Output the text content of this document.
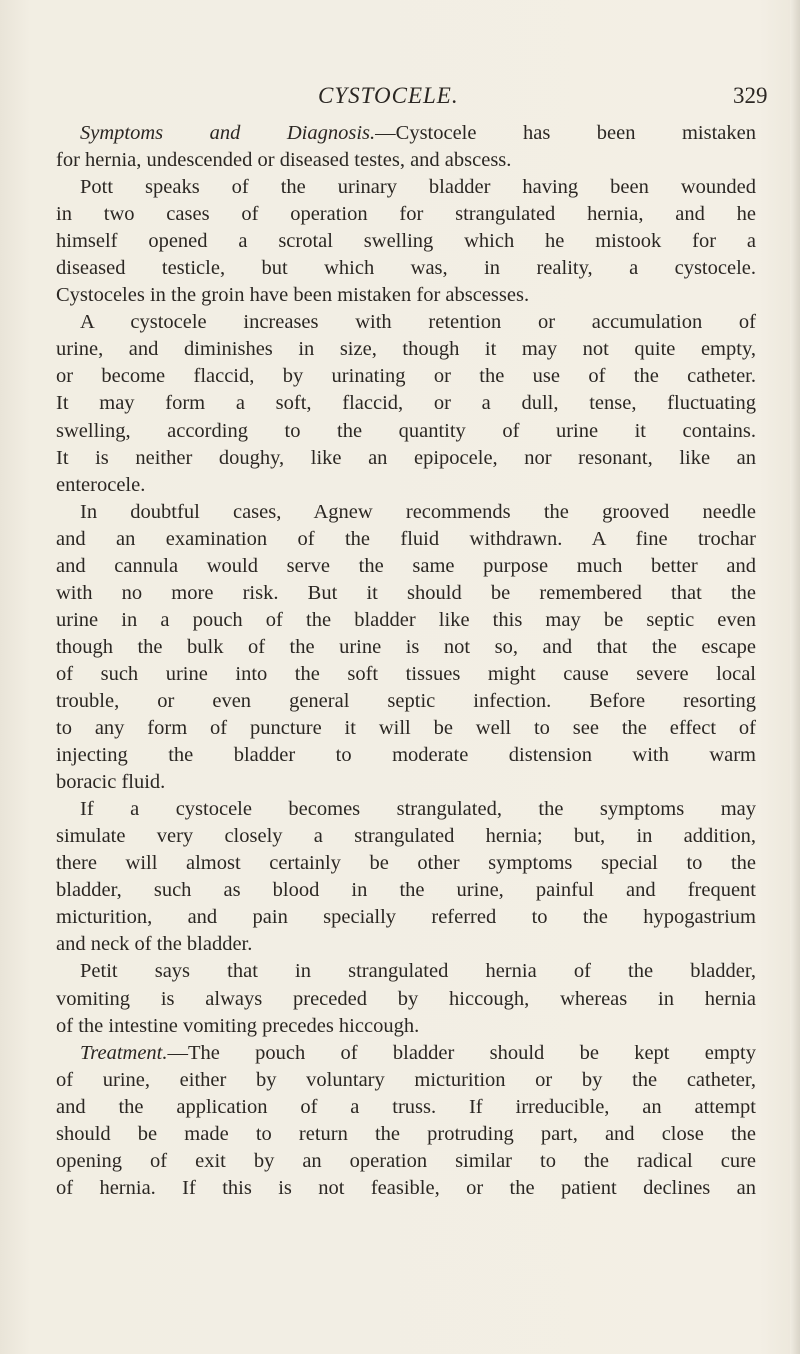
CYSTOCELE.	329
Symptoms and Diagnosis.—Cystocele has been mistaken
for hernia, undescended or diseased testes, and abscess.
Pott speaks of the urinary bladder having been wounded
in two cases of operation for strangulated hernia, and he
himself opened a scrotal swelling which he mistook for a
diseased testicle, but which was, in reality, a cystocele.
Cystoceles in the groin have been mistaken for abscesses.
A cystocele increases with retention or accumulation of
urine, and diminishes in size, though it may not quite empty,
or become flaccid, by urinating or the use of the catheter.
It may form a soft, flaccid, or a dull, tense, fluctuating
swelling, according to the quantity of urine it contains.
It is neither doughy, like an epipocele, nor resonant, like an
enterocele.
In doubtful cases, Agnew recommends the grooved needle
and an examination of the fluid withdrawn. A fine trochar
and cannula would serve the same purpose much better and
with no more risk. But it should be remembered that the
urine in a pouch of the bladder like this may be septic even
though the bulk of the urine is not so, and that the escape
of such urine into the soft tissues might cause severe local
trouble, or even general septic infection. Before resorting
to any form of puncture it will be well to see the effect of
injecting the bladder to moderate distension with warm
boracic fluid.
If a cystocele becomes strangulated, the symptoms may
simulate very closely a strangulated hernia; but, in addition,
there will almost certainly be other symptoms special to the
bladder, such as blood in the urine, painful and frequent
micturition, and pain specially referred to the hypogastrium
and neck of the bladder.
Petit says that in strangulated hernia of the bladder,
vomiting is always preceded by hiccough, whereas in hernia
of the intestine vomiting precedes hiccough.
Treatment.—The pouch of bladder should be kept empty
of urine, either by voluntary micturition or by the catheter,
and the application of a truss. If irreducible, an attempt
should be made to return the protruding part, and close the
opening of exit by an operation similar to the radical cure
of hernia. If this is not feasible, or the patient declines an
